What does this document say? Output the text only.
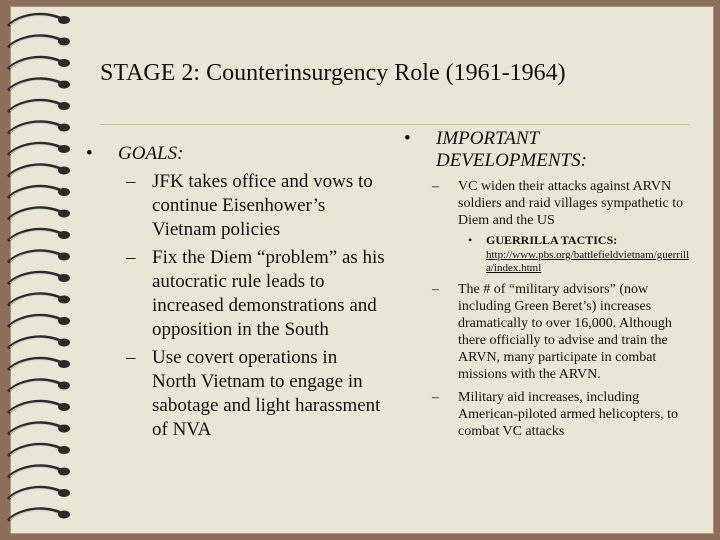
STAGE 2: Counterinsurgency Role (1961-1964)
•	GOALS:
– JFK takes office and vows to continue Eisenhower’s Vietnam policies
– Fix the Diem “problem” as his autocratic rule leads to increased demonstrations and opposition in the South
– Use covert operations in North Vietnam to engage in sabotage and light harassment of NVA
•	IMPORTANT DEVELOPMENTS:
–	VC widen their attacks against ARVN soldiers and raid villages sympathetic to Diem and the US
•	GUERRILLA TACTICS:
http://www.pbs.org/battlefieldvietnam/guerrilla/index.html
–	The # of “military advisors” (now including Green Beret’s) increases dramatically to over 16,000. Although there officially to advise and train the ARVN, many participate in combat missions with the ARVN.
–	Military aid increases, including American-piloted armed helicopters, to combat VC attacks
